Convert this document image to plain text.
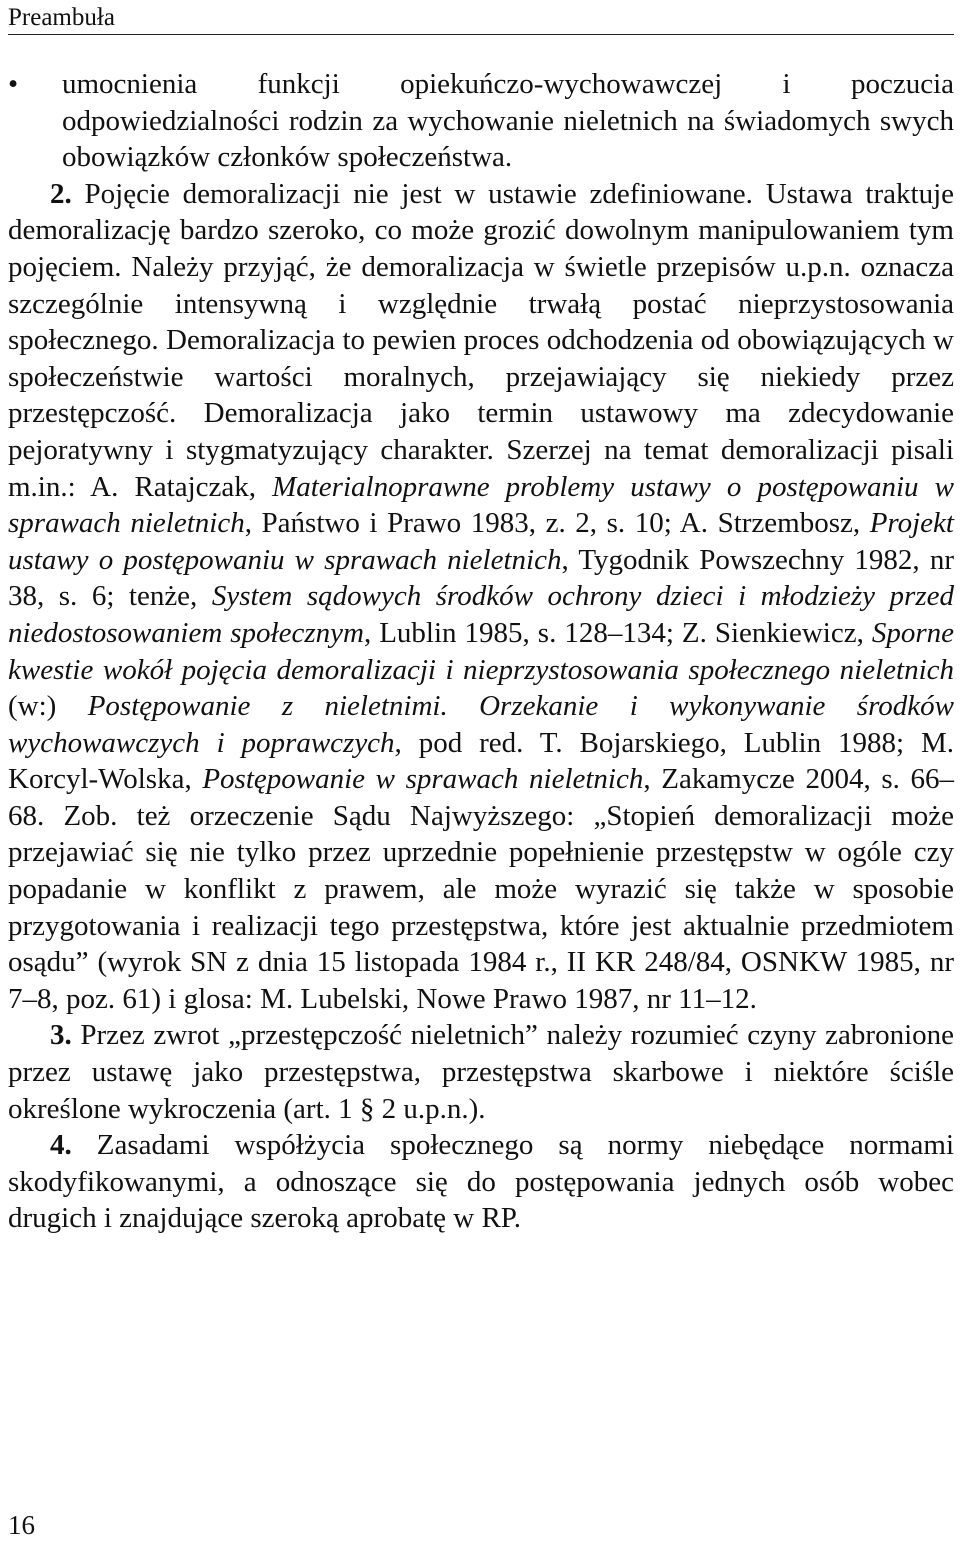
Preambuła

• umocnienia funkcji opiekuńczo-wychowawczej i poczucia odpowiedzialności rodzin za wychowanie nieletnich na świadomych swych obowiązków członków społeczeństwa.

2. Pojęcie demoralizacji nie jest w ustawie zdefiniowane. Ustawa traktuje demoralizację bardzo szeroko, co może grozić dowolnym manipulowaniem tym pojęciem. Należy przyjąć, że demoralizacja w świetle przepisów u.p.n. oznacza szczególnie intensywną i względnie trwałą postać nieprzystosowania społecznego. Demoralizacja to pewien proces odchodzenia od obowiązujących w społeczeństwie wartości moralnych, przejawiający się niekiedy przez przestępczość. Demoralizacja jako termin ustawowy ma zdecydowanie pejoratywny i stygmatyzujący charakter. Szerzej na temat demoralizacji pisali m.in.: A. Ratajczak, Materialnoprawne problemy ustawy o postępowaniu w sprawach nieletnich, Państwo i Prawo 1983, z. 2, s. 10; A. Strzembosz, Projekt ustawy o postępowaniu w sprawach nieletnich, Tygodnik Powszechny 1982, nr 38, s. 6; tenże, System sądowych środków ochrony dzieci i młodzieży przed niedostosowaniem społecznym, Lublin 1985, s. 128–134; Z. Sienkiewicz, Sporne kwestie wokół pojęcia demoralizacji i nieprzystosowania społecznego nieletnich (w:) Postępowanie z nieletnimi. Orzekanie i wykonywanie środków wychowawczych i poprawczych, pod red. T. Bojarskiego, Lublin 1988; M. Korcyl-Wolska, Postępowanie w sprawach nieletnich, Zakamycze 2004, s. 66–68. Zob. też orzeczenie Sądu Najwyższego: „Stopień demoralizacji może przejawiać się nie tylko przez uprzednie popełnienie przestępstw w ogóle czy popadanie w konflikt z prawem, ale może wyrazić się także w sposobie przygotowania i realizacji tego przestępstwa, które jest aktualnie przedmiotem osądu” (wyrok SN z dnia 15 listopada 1984 r., II KR 248/84, OSNKW 1985, nr 7–8, poz. 61) i glosa: M. Lubelski, Nowe Prawo 1987, nr 11–12.

3. Przez zwrot „przestępczość nieletnich” należy rozumieć czyny zabronione przez ustawę jako przestępstwa, przestępstwa skarbowe i niektóre ściśle określone wykroczenia (art. 1 § 2 u.p.n.).

4. Zasadami współżycia społecznego są normy niebędące normami skodyfikowanymi, a odnoszące się do postępowania jednych osób wobec drugich i znajdujące szeroką aprobatę w RP.

16
